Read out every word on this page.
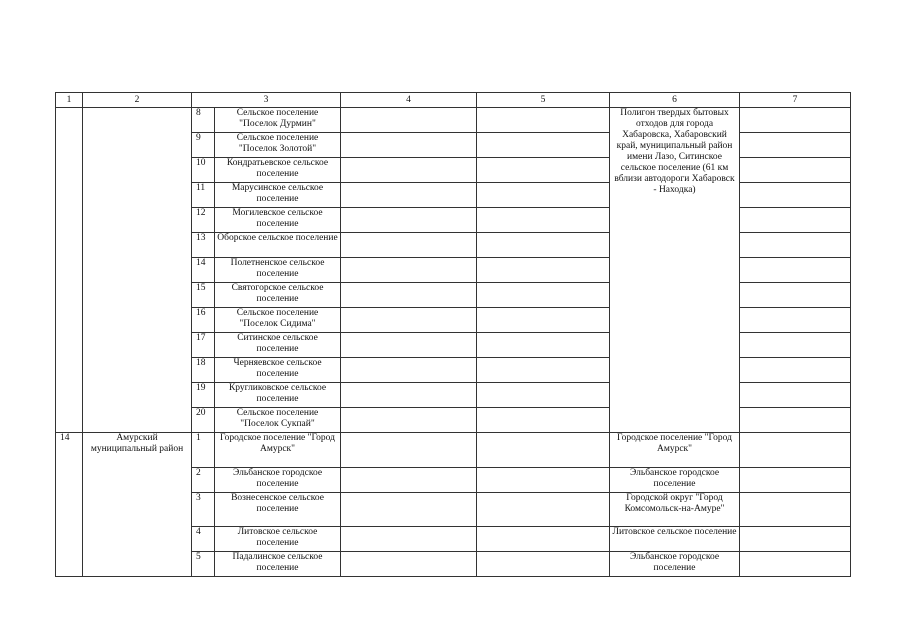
1	2	3		4	5	6	7
		8	Сельское поселение "Поселок Дурмин"			Полигон твердых бытовых отходов для города Хабаровска, Хабаровский край, муниципальный район имени Лазо, Ситинское сельское поселение (61 км вблизи автодороги Хабаровск - Находка)	
		9	Сельское поселение "Поселок Золотой"				
		10	Кондратьевское сельское поселение				
		11	Марусинское сельское поселение				
		12	Могилевское сельское поселение				
		13	Оборское сельское поселение				
		14	Полетненское сельское поселение				
		15	Святогорское сельское поселение				
		16	Сельское поселение "Поселок Сидима"				
		17	Ситинское сельское поселение				
		18	Черняевское сельское поселение				
		19	Кругликовское сельское поселение				
		20	Сельское поселение "Поселок Сукпай"				
14	Амурский муниципальный район	1	Городское поселение "Город Амурск"			Городское поселение "Город Амурск"	
		2	Эльбанское городское поселение			Эльбанское городское поселение	
		3	Вознесенское сельское поселение			Городской округ "Город Комсомольск-на-Амуре"	
		4	Литовское сельское поселение			Литовское сельское поселение	
		5	Падалинское сельское поселение			Эльбанское городское поселение	
